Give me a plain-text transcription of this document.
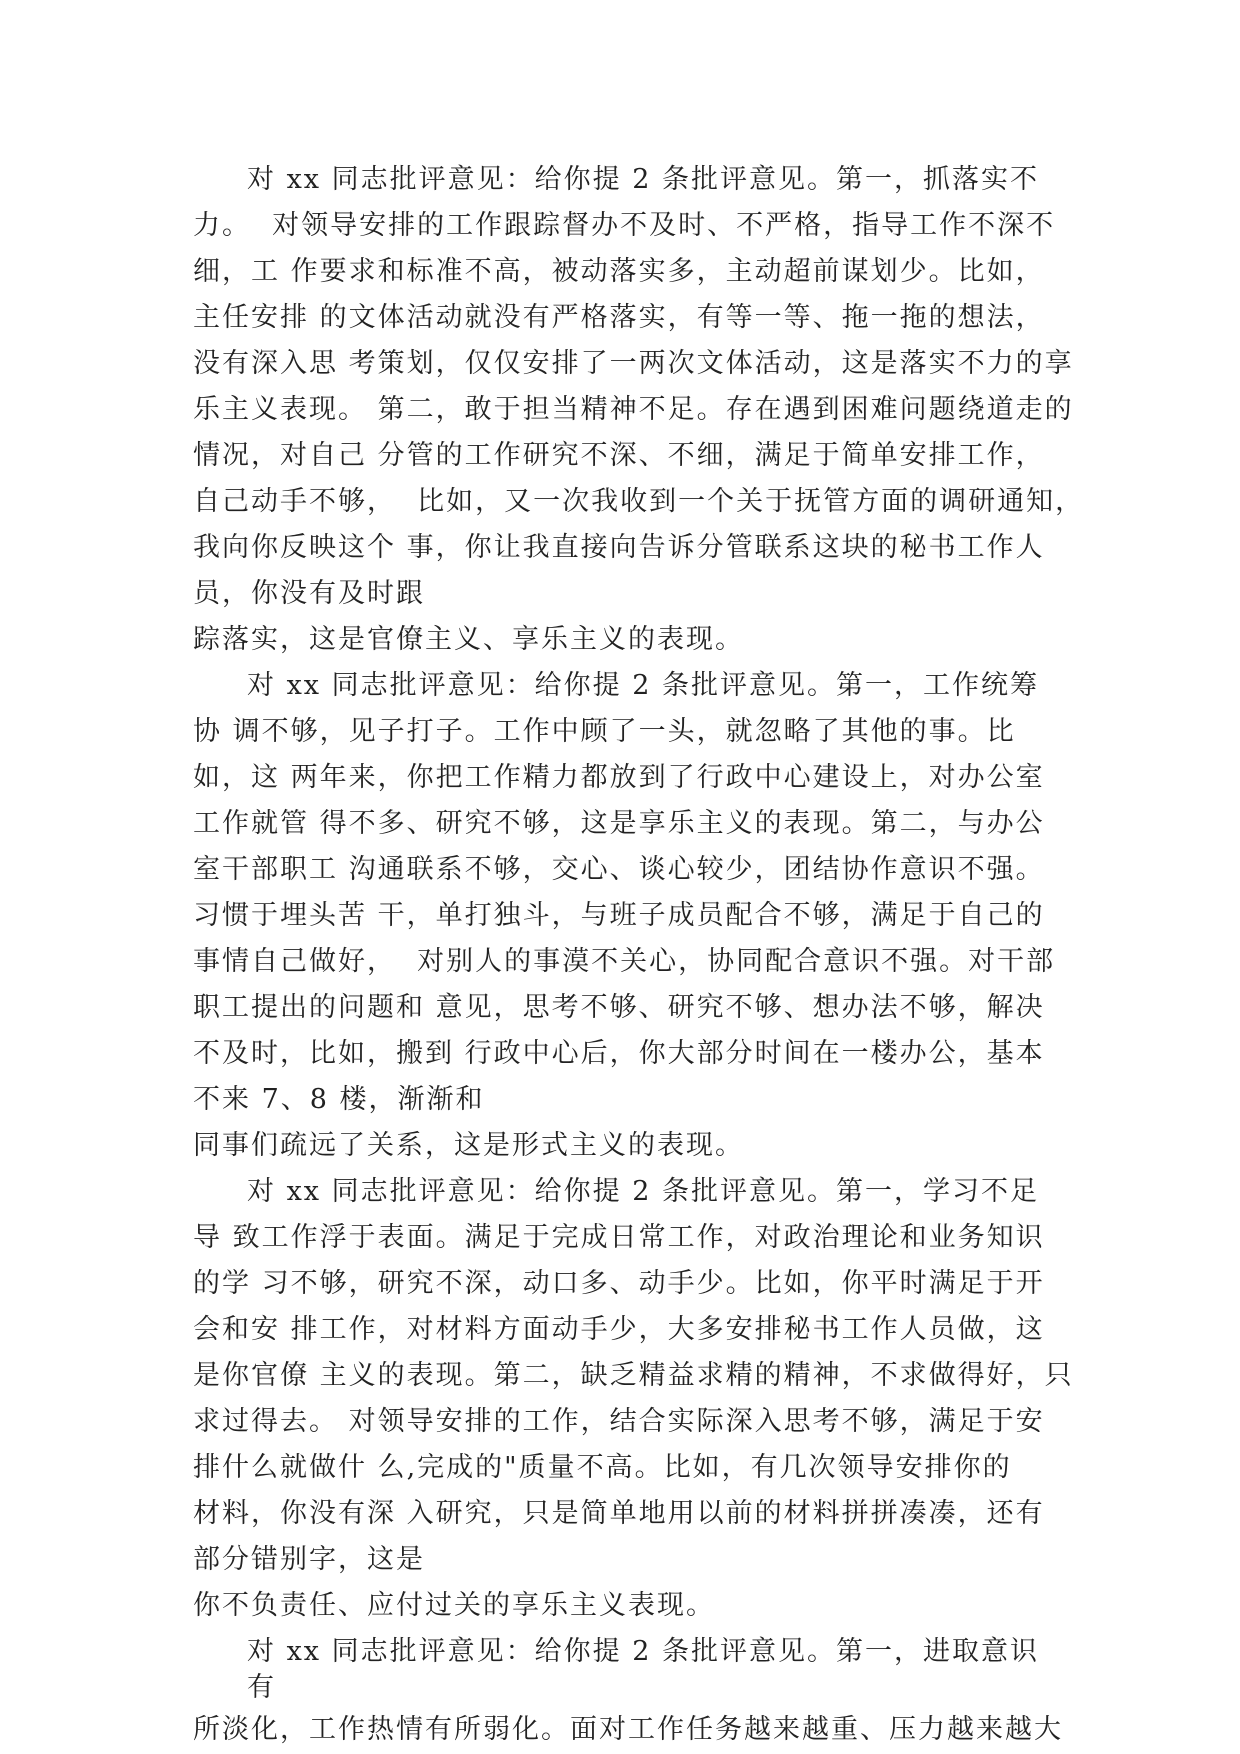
对 xx 同志批评意见：给你提 2 条批评意见。第一，抓落实不

力。  对领导安排的工作跟踪督办不及时、不严格，指导工作不深不

细，工 作要求和标准不高，被动落实多，主动超前谋划少。比如，

主任安排 的文体活动就没有严格落实，有等一等、拖一拖的想法，

没有深入思 考策划，仅仅安排了一两次文体活动，这是落实不力的享

乐主义表现。 第二，敢于担当精神不足。存在遇到困难问题绕道走的

情况，对自己 分管的工作研究不深、不细，满足于简单安排工作，

自己动手不够，  比如，又一次我收到一个关于抚管方面的调研通知，

我向你反映这个 事，你让我直接向告诉分管联系这块的秘书工作人

员，你没有及时跟

踪落实，这是官僚主义、享乐主义的表现。

对 xx 同志批评意见：给你提 2 条批评意见。第一，工作统筹

协 调不够，见子打子。工作中顾了一头，就忽略了其他的事。比

如，这 两年来，你把工作精力都放到了行政中心建设上，对办公室

工作就管 得不多、研究不够，这是享乐主义的表现。第二，与办公

室干部职工 沟通联系不够，交心、谈心较少，团结协作意识不强。

习惯于埋头苦 干，单打独斗，与班子成员配合不够，满足于自己的

事情自己做好，  对别人的事漠不关心，协同配合意识不强。对干部

职工提出的问题和 意见，思考不够、研究不够、想办法不够，解决

不及时，比如，搬到 行政中心后，你大部分时间在一楼办公，基本

不来 7、8 楼，渐渐和

同事们疏远了关系，这是形式主义的表现。

对 xx 同志批评意见：给你提 2 条批评意见。第一，学习不足

导 致工作浮于表面。满足于完成日常工作，对政治理论和业务知识

的学 习不够，研究不深，动口多、动手少。比如，你平时满足于开

会和安 排工作，对材料方面动手少，大多安排秘书工作人员做，这

是你官僚 主义的表现。第二，缺乏精益求精的精神，不求做得好，只

求过得去。 对领导安排的工作，结合实际深入思考不够，满足于安

排什么就做什 么,完成的"质量不高。比如，有几次领导安排你的

材料，你没有深 入研究，只是简单地用以前的材料拼拼凑凑，还有

部分错别字，这是

你不负责任、应付过关的享乐主义表现。

对 xx 同志批评意见：给你提 2 条批评意见。第一，进取意识

有

所淡化，工作热情有所弱化。面对工作任务越来越重、压力越来越大
